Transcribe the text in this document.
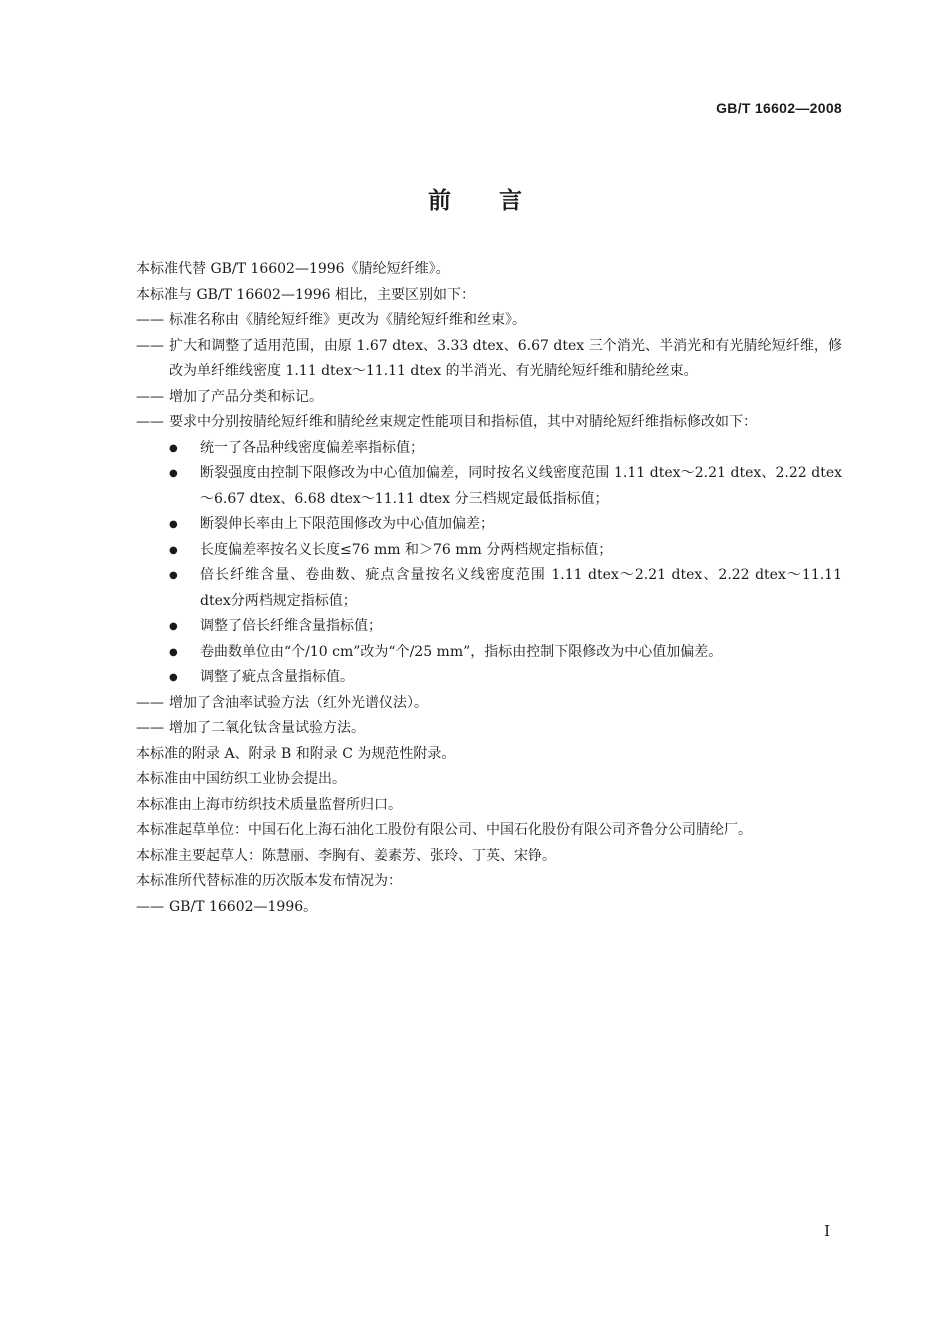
GB/T 16602—2008
前言

本标准代替 GB/T 16602—1996《腈纶短纤维》。

本标准与 GB/T 16602—1996 相比，主要区别如下：

—— 标准名称由《腈纶短纤维》更改为《腈纶短纤维和丝束》。
—— 扩大和调整了适用范围，由原 1.67 dtex、3.33 dtex、6.67 dtex 三个消光、半消光和有光腈纶短纤维，修改为单纤维线密度 1.11 dtex～11.11 dtex 的半消光、有光腈纶短纤维和腈纶丝束。
—— 增加了产品分类和标记。
—— 要求中分别按腈纶短纤维和腈纶丝束规定性能项目和指标值，其中对腈纶短纤维指标修改如下：
●	统一了各品种线密度偏差率指标值；
●	断裂强度由控制下限修改为中心值加偏差，同时按名义线密度范围 1.11 dtex～2.21 dtex、2.22 dtex～6.67 dtex、6.68 dtex～11.11 dtex 分三档规定最低指标值；
●	断裂伸长率由上下限范围修改为中心值加偏差；
●	长度偏差率按名义长度≤76 mm 和＞76 mm 分两档规定指标值；
●	倍长纤维含量、卷曲数、疵点含量按名义线密度范围 1.11 dtex～2.21 dtex、2.22 dtex～11.11 dtex分两档规定指标值；
●	调整了倍长纤维含量指标值；
●	卷曲数单位由“个/10 cm”改为“个/25 mm”，指标由控制下限修改为中心值加偏差。
●	调整了疵点含量指标值。
—— 增加了含油率试验方法（红外光谱仪法）。
—— 增加了二氧化钛含量试验方法。

本标准的附录 A、附录 B 和附录 C 为规范性附录。

本标准由中国纺织工业协会提出。

本标准由上海市纺织技术质量监督所归口。

本标准起草单位：中国石化上海石油化工股份有限公司、中国石化股份有限公司齐鲁分公司腈纶厂。

本标准主要起草人：陈慧丽、李胸有、姜素芳、张玲、丁英、宋铮。

本标准所代替标准的历次版本发布情况为：

—— GB/T 16602—1996。
Ⅰ
